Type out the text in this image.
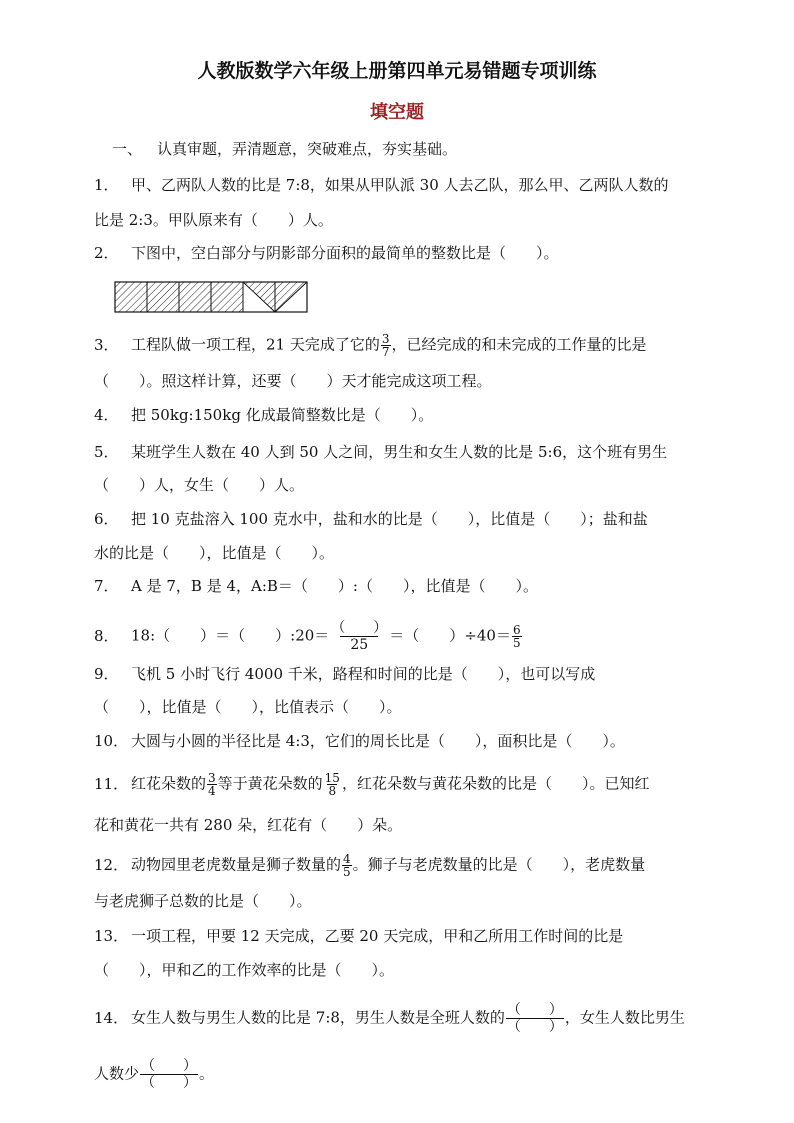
人教版数学六年级上册第四单元易错题专项训练
填空题
一、 认真审题，弄清题意，突破难点，夯实基础。
1． 甲、乙两队人数的比是 7:8，如果从甲队派 30 人去乙队，那么甲、乙两队人数的
比是 2:3。甲队原来有（　　）人。
2． 下图中，空白部分与阴影部分面积的最简单的整数比是（　　）。
3． 工程队做一项工程，21 天完成了它的 $\frac{3}{7}$ ，已经完成的和未完成的工作量的比是
（　　）。照这样计算，还要（　　）天才能完成这项工程。
4． 把 50kg:150kg 化成最简整数比是（　　）。
5． 某班学生人数在 40 人到 50 人之间，男生和女生人数的比是 5:6，这个班有男生
（　　）人，女生（　　）人。
6． 把 10 克盐溶入 100 克水中，盐和水的比是（　　），比值是（　　）；盐和盐
水的比是（　　），比值是（　　）。
7． A 是 7，B 是 4，A:B＝（　　）:（　　），比值是（　　）。
8． 18:（　　）＝（　　）:20＝ $\frac{( )}{25}$ ＝（　　）$\div 40= \frac{6}{5}$
9． 飞机 5 小时飞行 4000 千米，路程和时间的比是（　　），也可以写成
（　　），比值是（　　），比值表示（　　）。
10． 大圆与小圆的半径比是 4:3，它们的周长比是（　　），面积比是（　　）。
11． 红花朵数的 $\frac{3}{4}$ 等于黄花朵数的 $\frac{15}{8}$ ，红花朵数与黄花朵数的比是（　　）。已知红
花和黄花一共有 280 朵，红花有（　　）朵。
12． 动物园里老虎数量是狮子数量的 $\frac{4}{5}$ 。狮子与老虎数量的比是（　　），老虎数量
与老虎狮子总数的比是（　　）。
13． 一项工程，甲要 12 天完成，乙要 20 天完成，甲和乙所用工作时间的比是
（　　），甲和乙的工作效率的比是（　　）。
14． 女生人数与男生人数的比是 7:8，男生人数是全班人数的 $\frac{( )}{( )}$ ，女生人数比男生
人数少 $\frac{( )}{( )}$ 。
